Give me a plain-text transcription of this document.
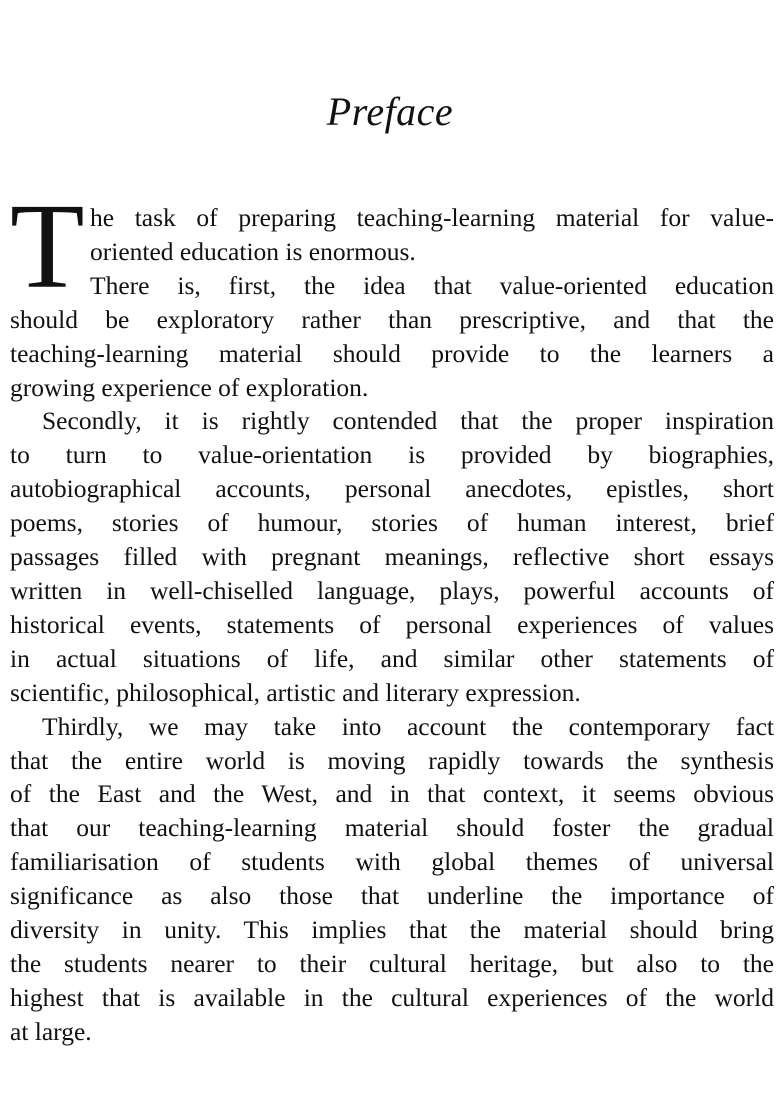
Preface
T he task of preparing teaching-learning material for value-
oriented education is enormous.
There is, first, the idea that value-oriented education
should be exploratory rather than prescriptive, and that the
teaching-learning material should provide to the learners a
growing experience of exploration.
Secondly, it is rightly contended that the proper inspiration
to turn to value-orientation is provided by biographies,
autobiographical accounts, personal anecdotes, epistles, short
poems, stories of humour, stories of human interest, brief
passages filled with pregnant meanings, reflective short essays
written in well-chiselled language, plays, powerful accounts of
historical events, statements of personal experiences of values
in actual situations of life, and similar other statements of
scientific, philosophical, artistic and literary expression.
Thirdly, we may take into account the contemporary fact
that the entire world is moving rapidly towards the synthesis
of the East and the West, and in that context, it seems obvious
that our teaching-learning material should foster the gradual
familiarisation of students with global themes of universal
significance as also those that underline the importance of
diversity in unity. This implies that the material should bring
the students nearer to their cultural heritage, but also to the
highest that is available in the cultural experiences of the world
at large.
